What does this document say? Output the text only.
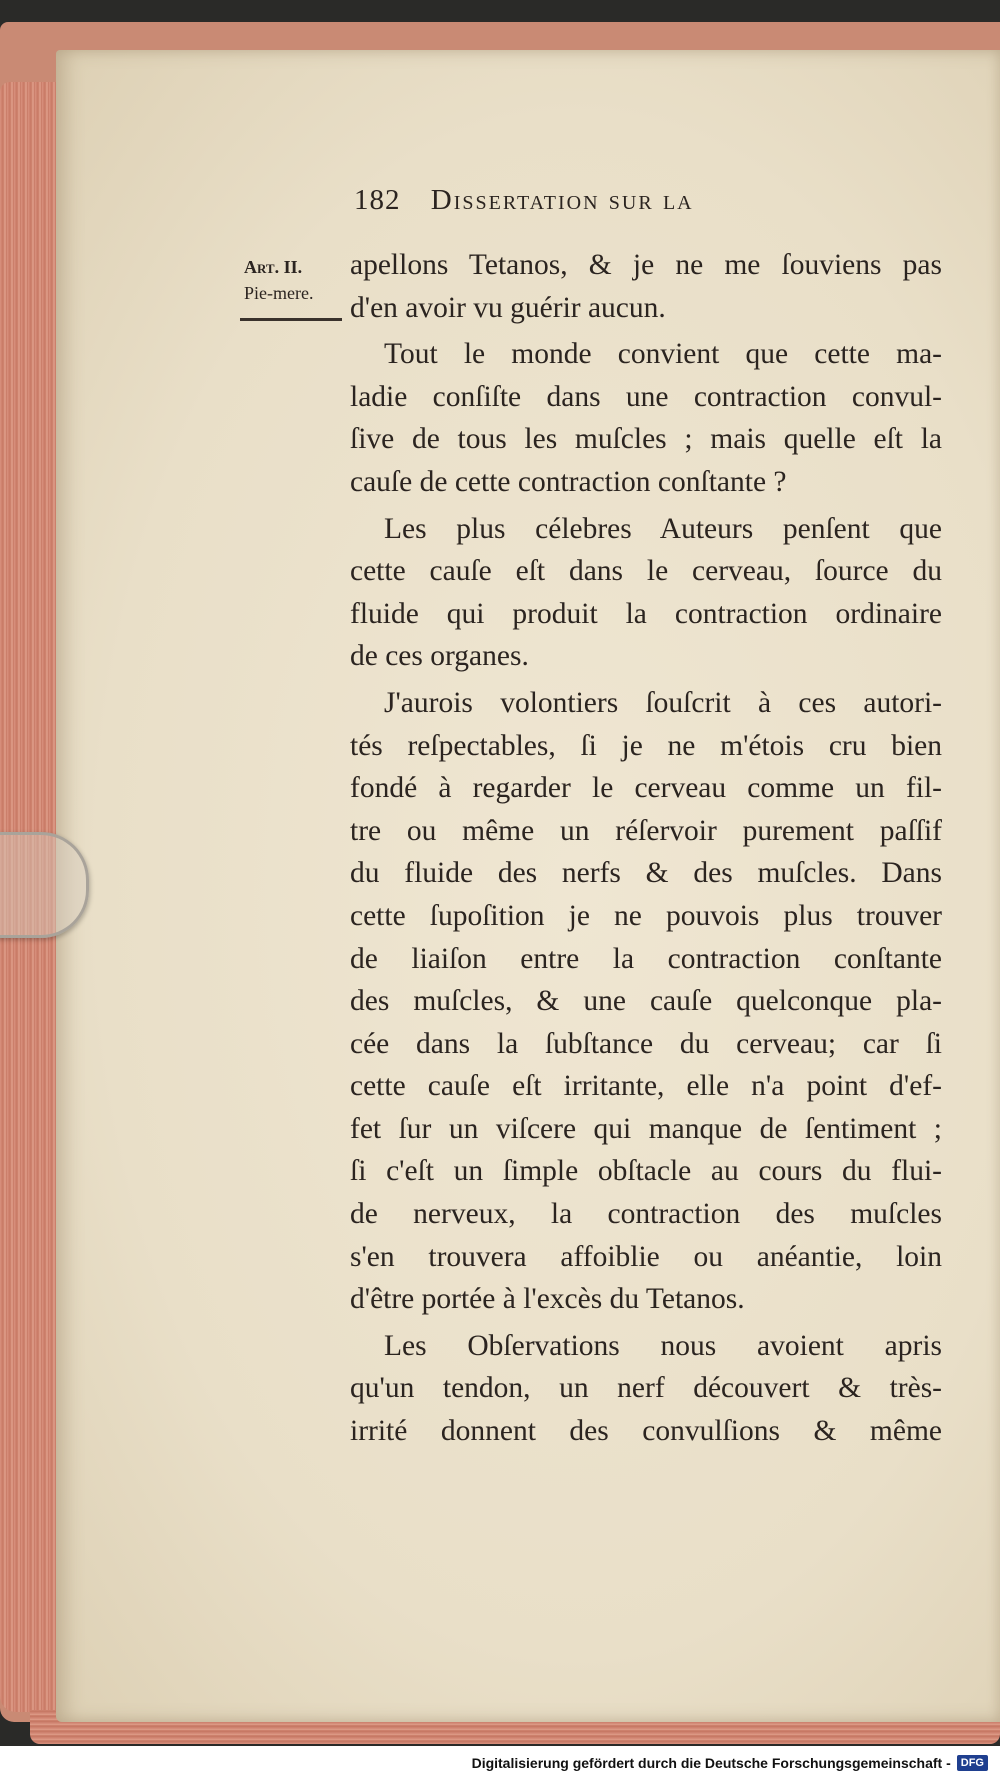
182 Dissertation sur la
Art. II.
Pie-mere.
apellons Tetanos, & je ne me ſouviens pas
d'en avoir vu guérir aucun.
Tout le monde convient que cette ma-
ladie conſiſte dans une contraction convul-
ſive de tous les muſcles ; mais quelle eſt la
cauſe de cette contraction conſtante ?
Les plus célebres Auteurs penſent que
cette cauſe eſt dans le cerveau, ſource du
fluide qui produit la contraction ordinaire
de ces organes.
J'aurois volontiers ſouſcrit à ces autori-
tés reſpectables, ſi je ne m'étois cru bien
fondé à regarder le cerveau comme un fil-
tre ou même un réſervoir purement paſſif
du fluide des nerfs & des muſcles. Dans
cette ſupoſition je ne pouvois plus trouver
de liaiſon entre la contraction conſtante
des muſcles, & une cauſe quelconque pla-
cée dans la ſubſtance du cerveau; car ſi
cette cauſe eſt irritante, elle n'a point d'ef-
fet ſur un viſcere qui manque de ſentiment ;
ſi c'eſt un ſimple obſtacle au cours du flui-
de nerveux, la contraction des muſcles
s'en trouvera affoiblie ou anéantie, loin
d'être portée à l'excès du Tetanos.
Les Obſervations nous avoient apris
qu'un tendon, un nerf découvert & très-
irrité donnent des convulſions & même
Digitalisierung gefördert durch die Deutsche Forschungsgemeinschaft - DFG
